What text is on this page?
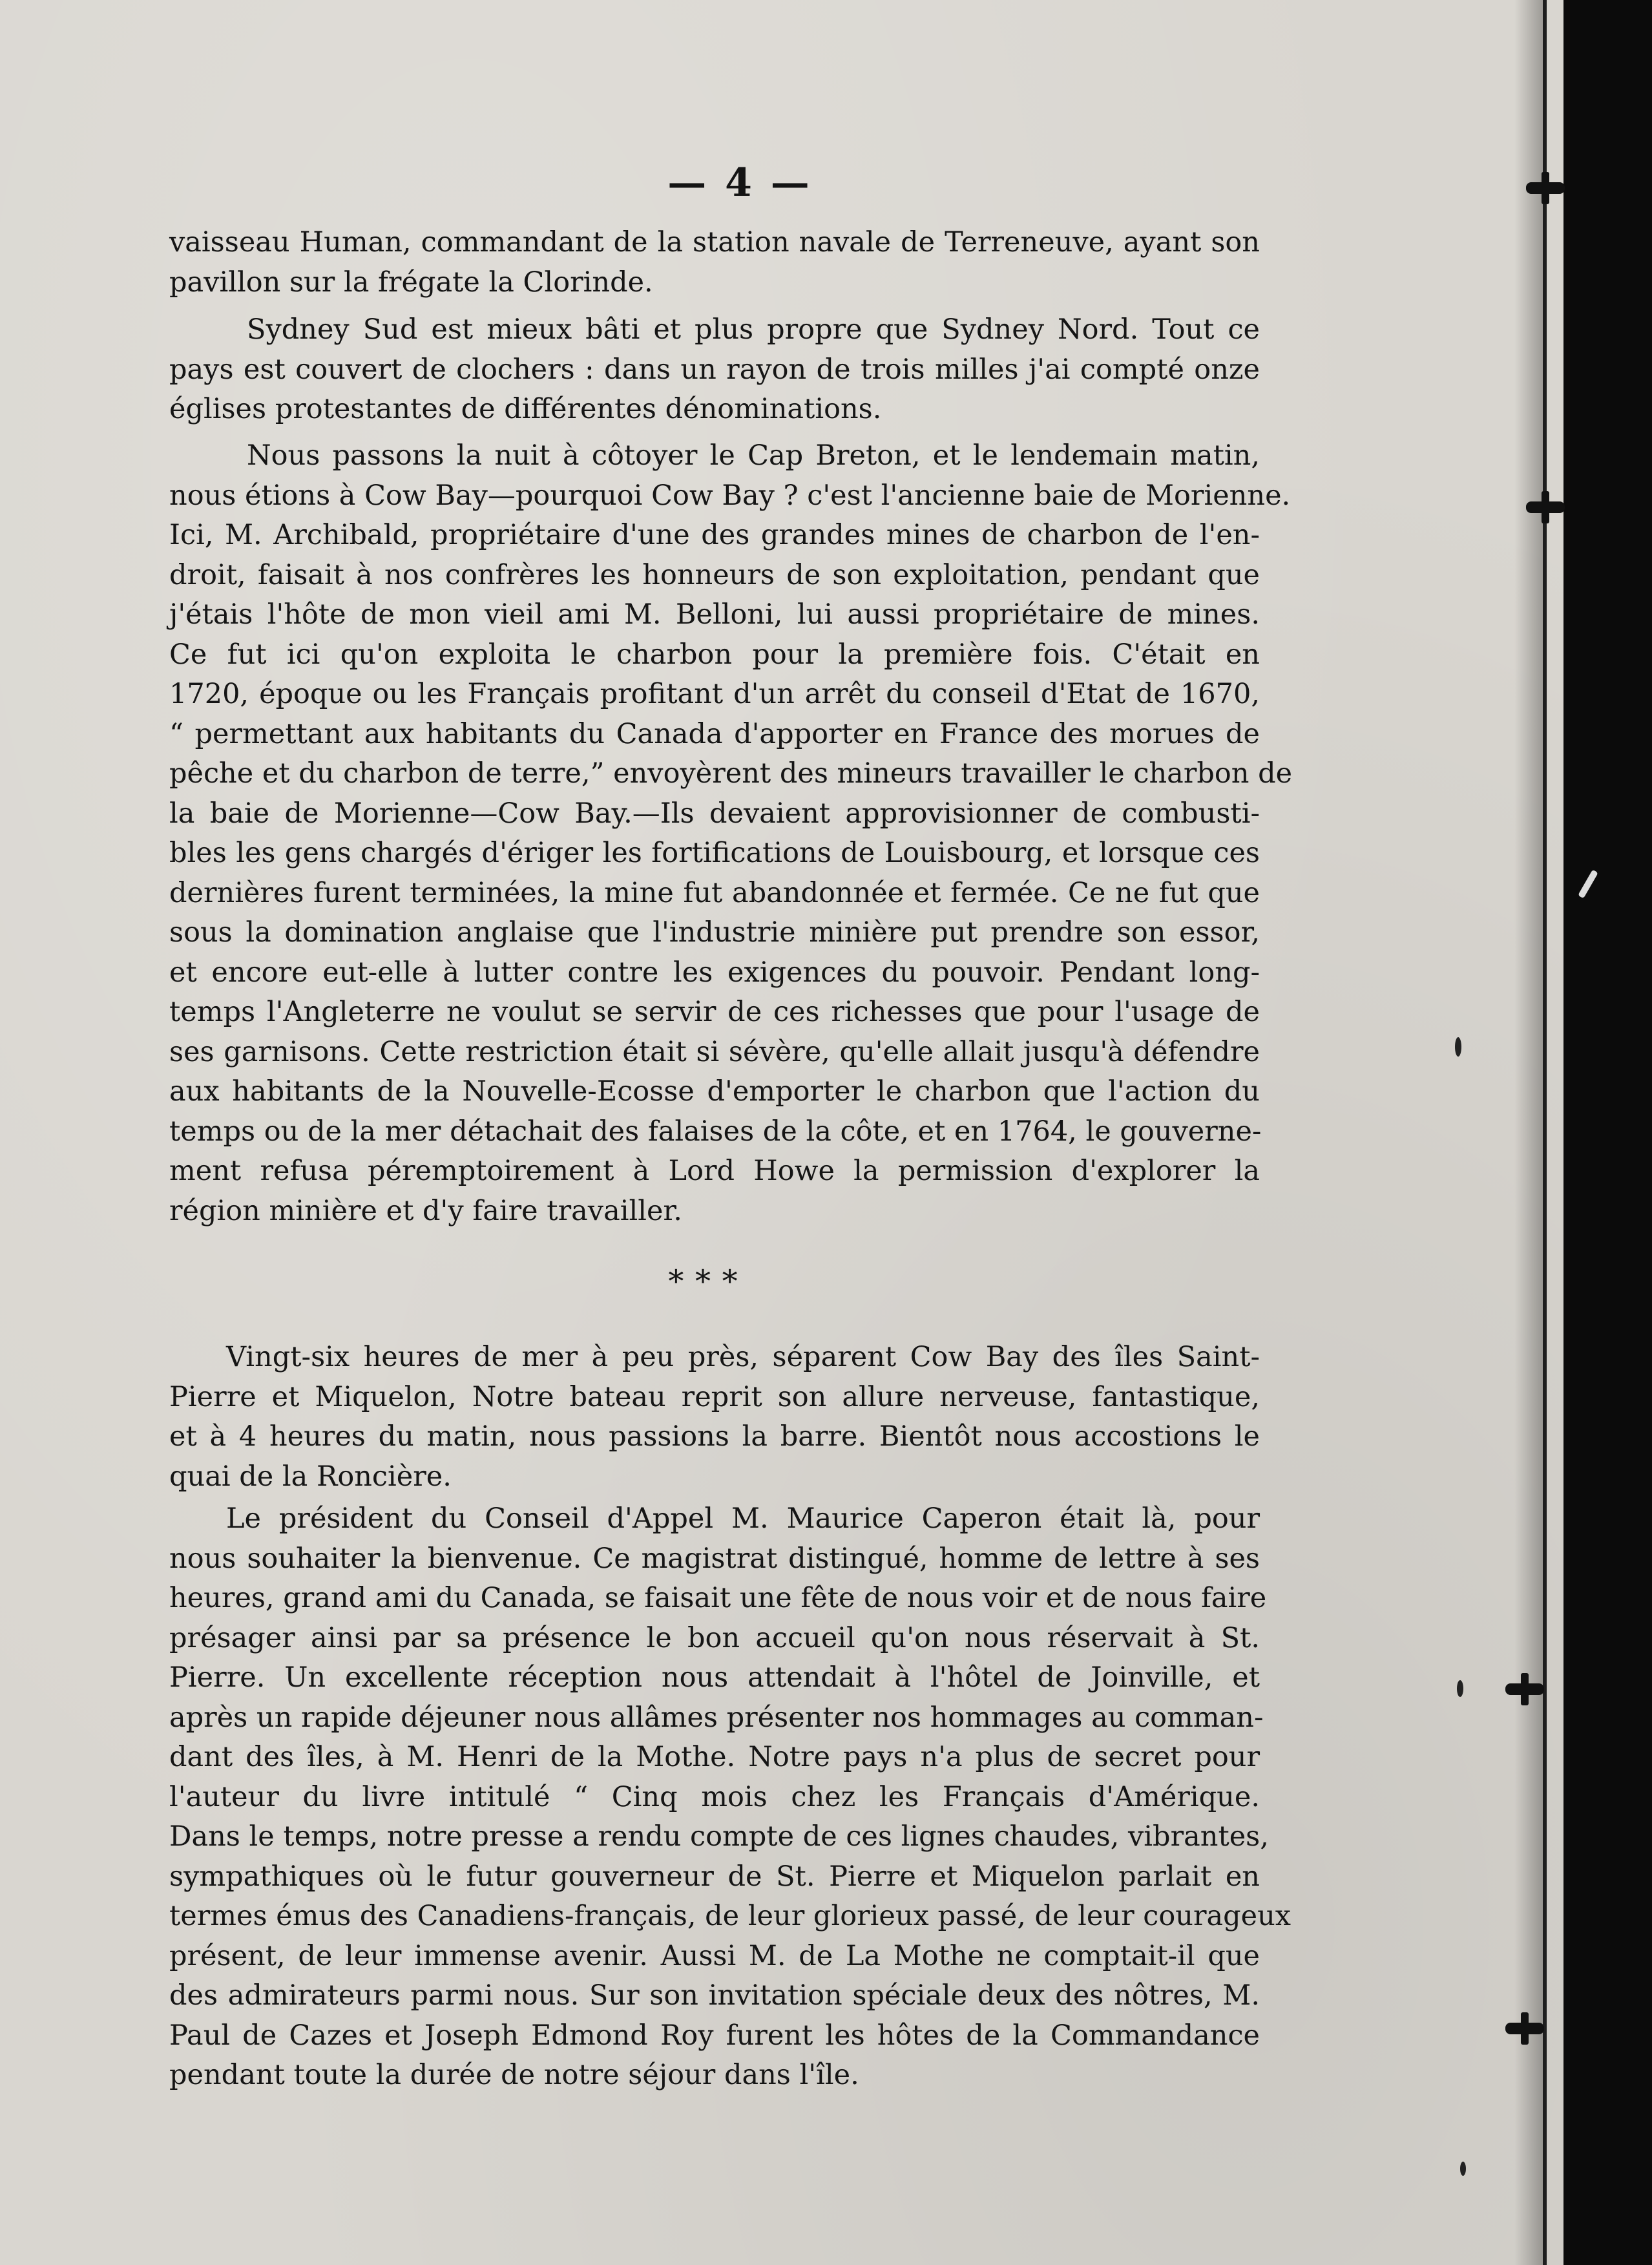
— 4 —
vaisseau Human, commandant de la station navale de Terreneuve, ayant son
pavillon sur la frégate la Clorinde.
Sydney Sud est mieux bâti et plus propre que Sydney Nord. Tout ce
pays est couvert de clochers : dans un rayon de trois milles j'ai compté onze
églises protestantes de différentes dénominations.
Nous passons la nuit à côtoyer le Cap Breton, et le lendemain matin,
nous étions à Cow Bay—pourquoi Cow Bay ? c'est l'ancienne baie de Morienne.
Ici, M. Archibald, propriétaire d'une des grandes mines de charbon de l'en-
droit, faisait à nos confrères les honneurs de son exploitation, pendant que
j'étais l'hôte de mon vieil ami M. Belloni, lui aussi propriétaire de mines.
Ce fut ici qu'on exploita le charbon pour la première fois. C'était en
1720, époque ou les Français profitant d'un arrêt du conseil d'Etat de 1670,
“ permettant aux habitants du Canada d'apporter en France des morues de
pêche et du charbon de terre,” envoyèrent des mineurs travailler le charbon de
la baie de Morienne—Cow Bay.—Ils devaient approvisionner de combusti-
bles les gens chargés d'ériger les fortifications de Louisbourg, et lorsque ces
dernières furent terminées, la mine fut abandonnée et fermée. Ce ne fut que
sous la domination anglaise que l'industrie minière put prendre son essor,
et encore eut-elle à lutter contre les exigences du pouvoir. Pendant long-
temps l'Angleterre ne voulut se servir de ces richesses que pour l'usage de
ses garnisons. Cette restriction était si sévère, qu'elle allait jusqu'à défendre
aux habitants de la Nouvelle-Ecosse d'emporter le charbon que l'action du
temps ou de la mer détachait des falaises de la côte, et en 1764, le gouverne-
ment refusa péremptoirement à Lord Howe la permission d'explorer la
région minière et d'y faire travailler.
* * *
Vingt-six heures de mer à peu près, séparent Cow Bay des îles Saint-
Pierre et Miquelon, Notre bateau reprit son allure nerveuse, fantastique,
et à 4 heures du matin, nous passions la barre. Bientôt nous accostions le
quai de la Roncière.
Le président du Conseil d'Appel M. Maurice Caperon était là, pour
nous souhaiter la bienvenue. Ce magistrat distingué, homme de lettre à ses
heures, grand ami du Canada, se faisait une fête de nous voir et de nous faire
présager ainsi par sa présence le bon accueil qu'on nous réservait à St.
Pierre. Un excellente réception nous attendait à l'hôtel de Joinville, et
après un rapide déjeuner nous allâmes présenter nos hommages au comman-
dant des îles, à M. Henri de la Mothe. Notre pays n'a plus de secret pour
l'auteur du livre intitulé “ Cinq mois chez les Français d'Amérique.
Dans le temps, notre presse a rendu compte de ces lignes chaudes, vibrantes,
sympathiques où le futur gouverneur de St. Pierre et Miquelon parlait en
termes émus des Canadiens-français, de leur glorieux passé, de leur courageux
présent, de leur immense avenir. Aussi M. de La Mothe ne comptait-il que
des admirateurs parmi nous. Sur son invitation spéciale deux des nôtres, M.
Paul de Cazes et Joseph Edmond Roy furent les hôtes de la Commandance
pendant toute la durée de notre séjour dans l'île.
